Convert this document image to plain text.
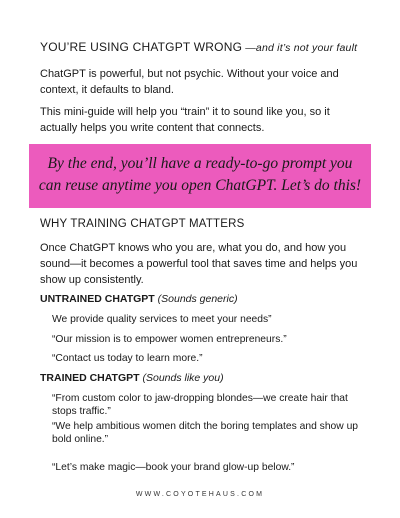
YOU’RE USING CHATGPT WRONG —and it’s not your fault
ChatGPT is powerful, but not psychic. Without your voice and context, it defaults to bland.
This mini-guide will help you “train” it to sound like you, so it actually helps you write content that connects.
By the end, you’ll have a ready-to-go prompt you can reuse anytime you open ChatGPT. Let’s do this!
WHY TRAINING CHATGPT MATTERS
Once ChatGPT knows who you are, what you do, and how you sound—it becomes a powerful tool that saves time and helps you show up consistently.
UNTRAINED CHATGPT (Sounds generic)
We provide quality services to meet your needs”
“Our mission is to empower women entrepreneurs.”
“Contact us today to learn more.”
TRAINED CHATGPT (Sounds like you)
“From custom color to jaw-dropping blondes—we create hair that stops traffic.”
“We help ambitious women ditch the boring templates and show up bold online.”
“Let’s make magic—book your brand glow-up below.”
WWW.COYOTEHAUS.COM
